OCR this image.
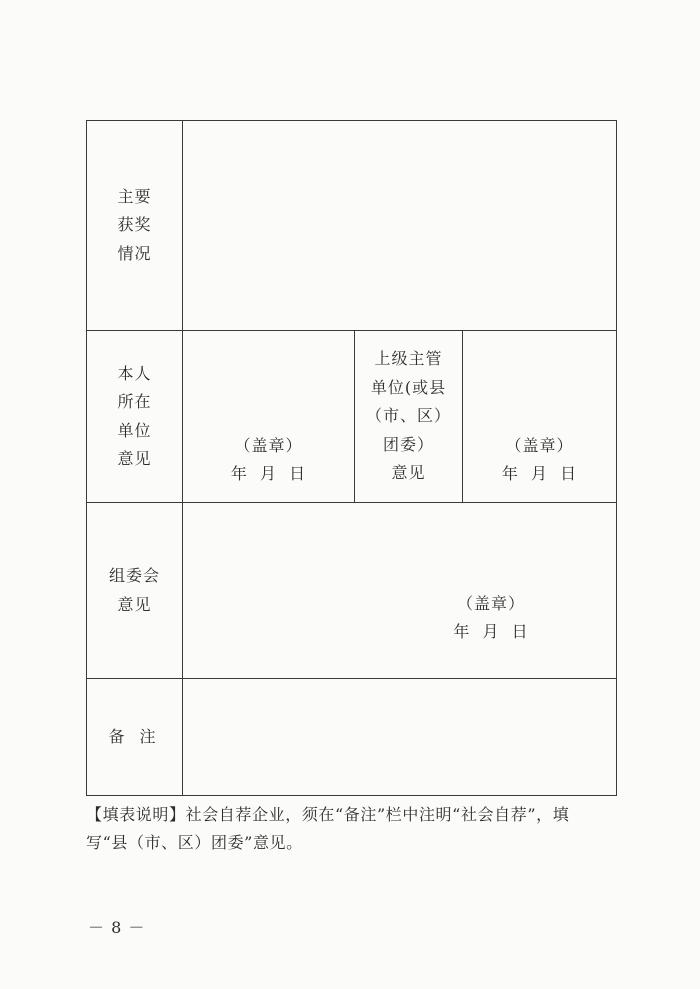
主要
获奖
情况
本人
所在
单位
意见
（盖章）
年  月  日
上级主管
单位(或县
（市、区）
团委）
意见
（盖章）
年  月  日
组委会
意见	（盖章）
年  月  日
备 注
【填表说明】社会自荐企业，须在“备注”栏中注明“社会自荐”，填
写“县（市、区）团委”意见。
－ 8 －
